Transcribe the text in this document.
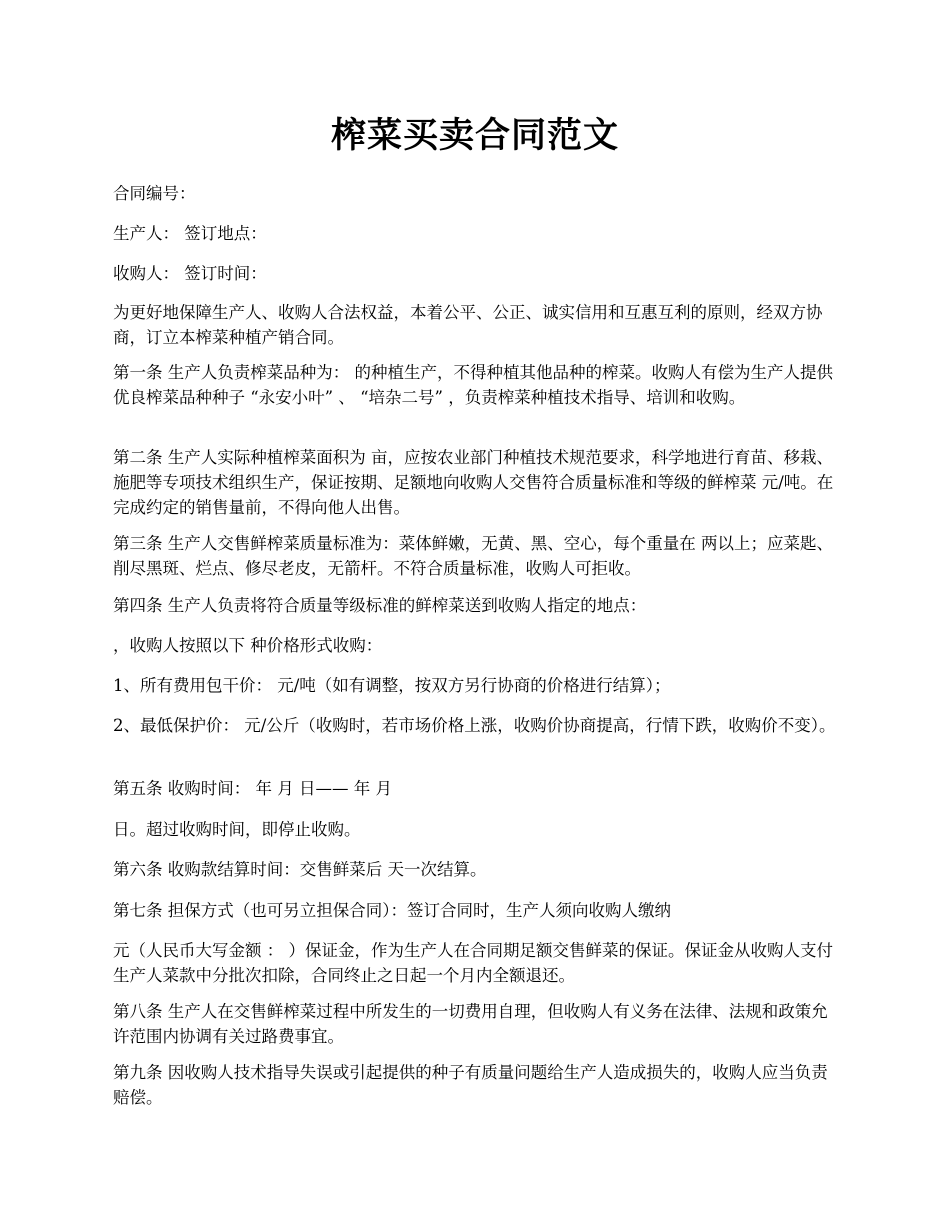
榨菜买卖合同范文

合同编号：

生产人： 签订地点：

收购人： 签订时间：

为更好地保障生产人、收购人合法权益，本着公平、公正、诚实信用和互惠互利的原则，经双方协商，订立本榨菜种植产销合同。

第一条 生产人负责榨菜品种为： 的种植生产，不得种植其他品种的榨菜。收购人有偿为生产人提供优良榨菜品种种子 “永安小叶” 、 “培杂二号” ，负责榨菜种植技术指导、培训和收购。

第二条 生产人实际种植榨菜面积为 亩，应按农业部门种植技术规范要求，科学地进行育苗、移栽、施肥等专项技术组织生产，保证按期、足额地向收购人交售符合质量标准和等级的鲜榨菜 元/吨。在完成约定的销售量前，不得向他人出售。

第三条 生产人交售鲜榨菜质量标准为：菜体鲜嫩，无黄、黑、空心，每个重量在 两以上；应菜匙、削尽黑斑、烂点、修尽老皮，无箭杆。不符合质量标准，收购人可拒收。

第四条 生产人负责将符合质量等级标准的鲜榨菜送到收购人指定的地点：

，收购人按照以下 种价格形式收购：

1、所有费用包干价： 元/吨（如有调整，按双方另行协商的价格进行结算）；

2、最低保护价： 元/公斤（收购时，若市场价格上涨，收购价协商提高，行情下跌，收购价不变）。

第五条 收购时间： 年 月 日—— 年 月

日。超过收购时间，即停止收购。

第六条 收购款结算时间：交售鲜菜后 天一次结算。

第七条 担保方式（也可另立担保合同）：签订合同时，生产人须向收购人缴纳

元（人民币大写金额 ： ）保证金，作为生产人在合同期足额交售鲜菜的保证。保证金从收购人支付生产人菜款中分批次扣除，合同终止之日起一个月内全额退还。

第八条 生产人在交售鲜榨菜过程中所发生的一切费用自理，但收购人有义务在法律、法规和政策允许范围内协调有关过路费事宜。

第九条 因收购人技术指导失误或引起提供的种子有质量问题给生产人造成损失的，收购人应当负责赔偿。
